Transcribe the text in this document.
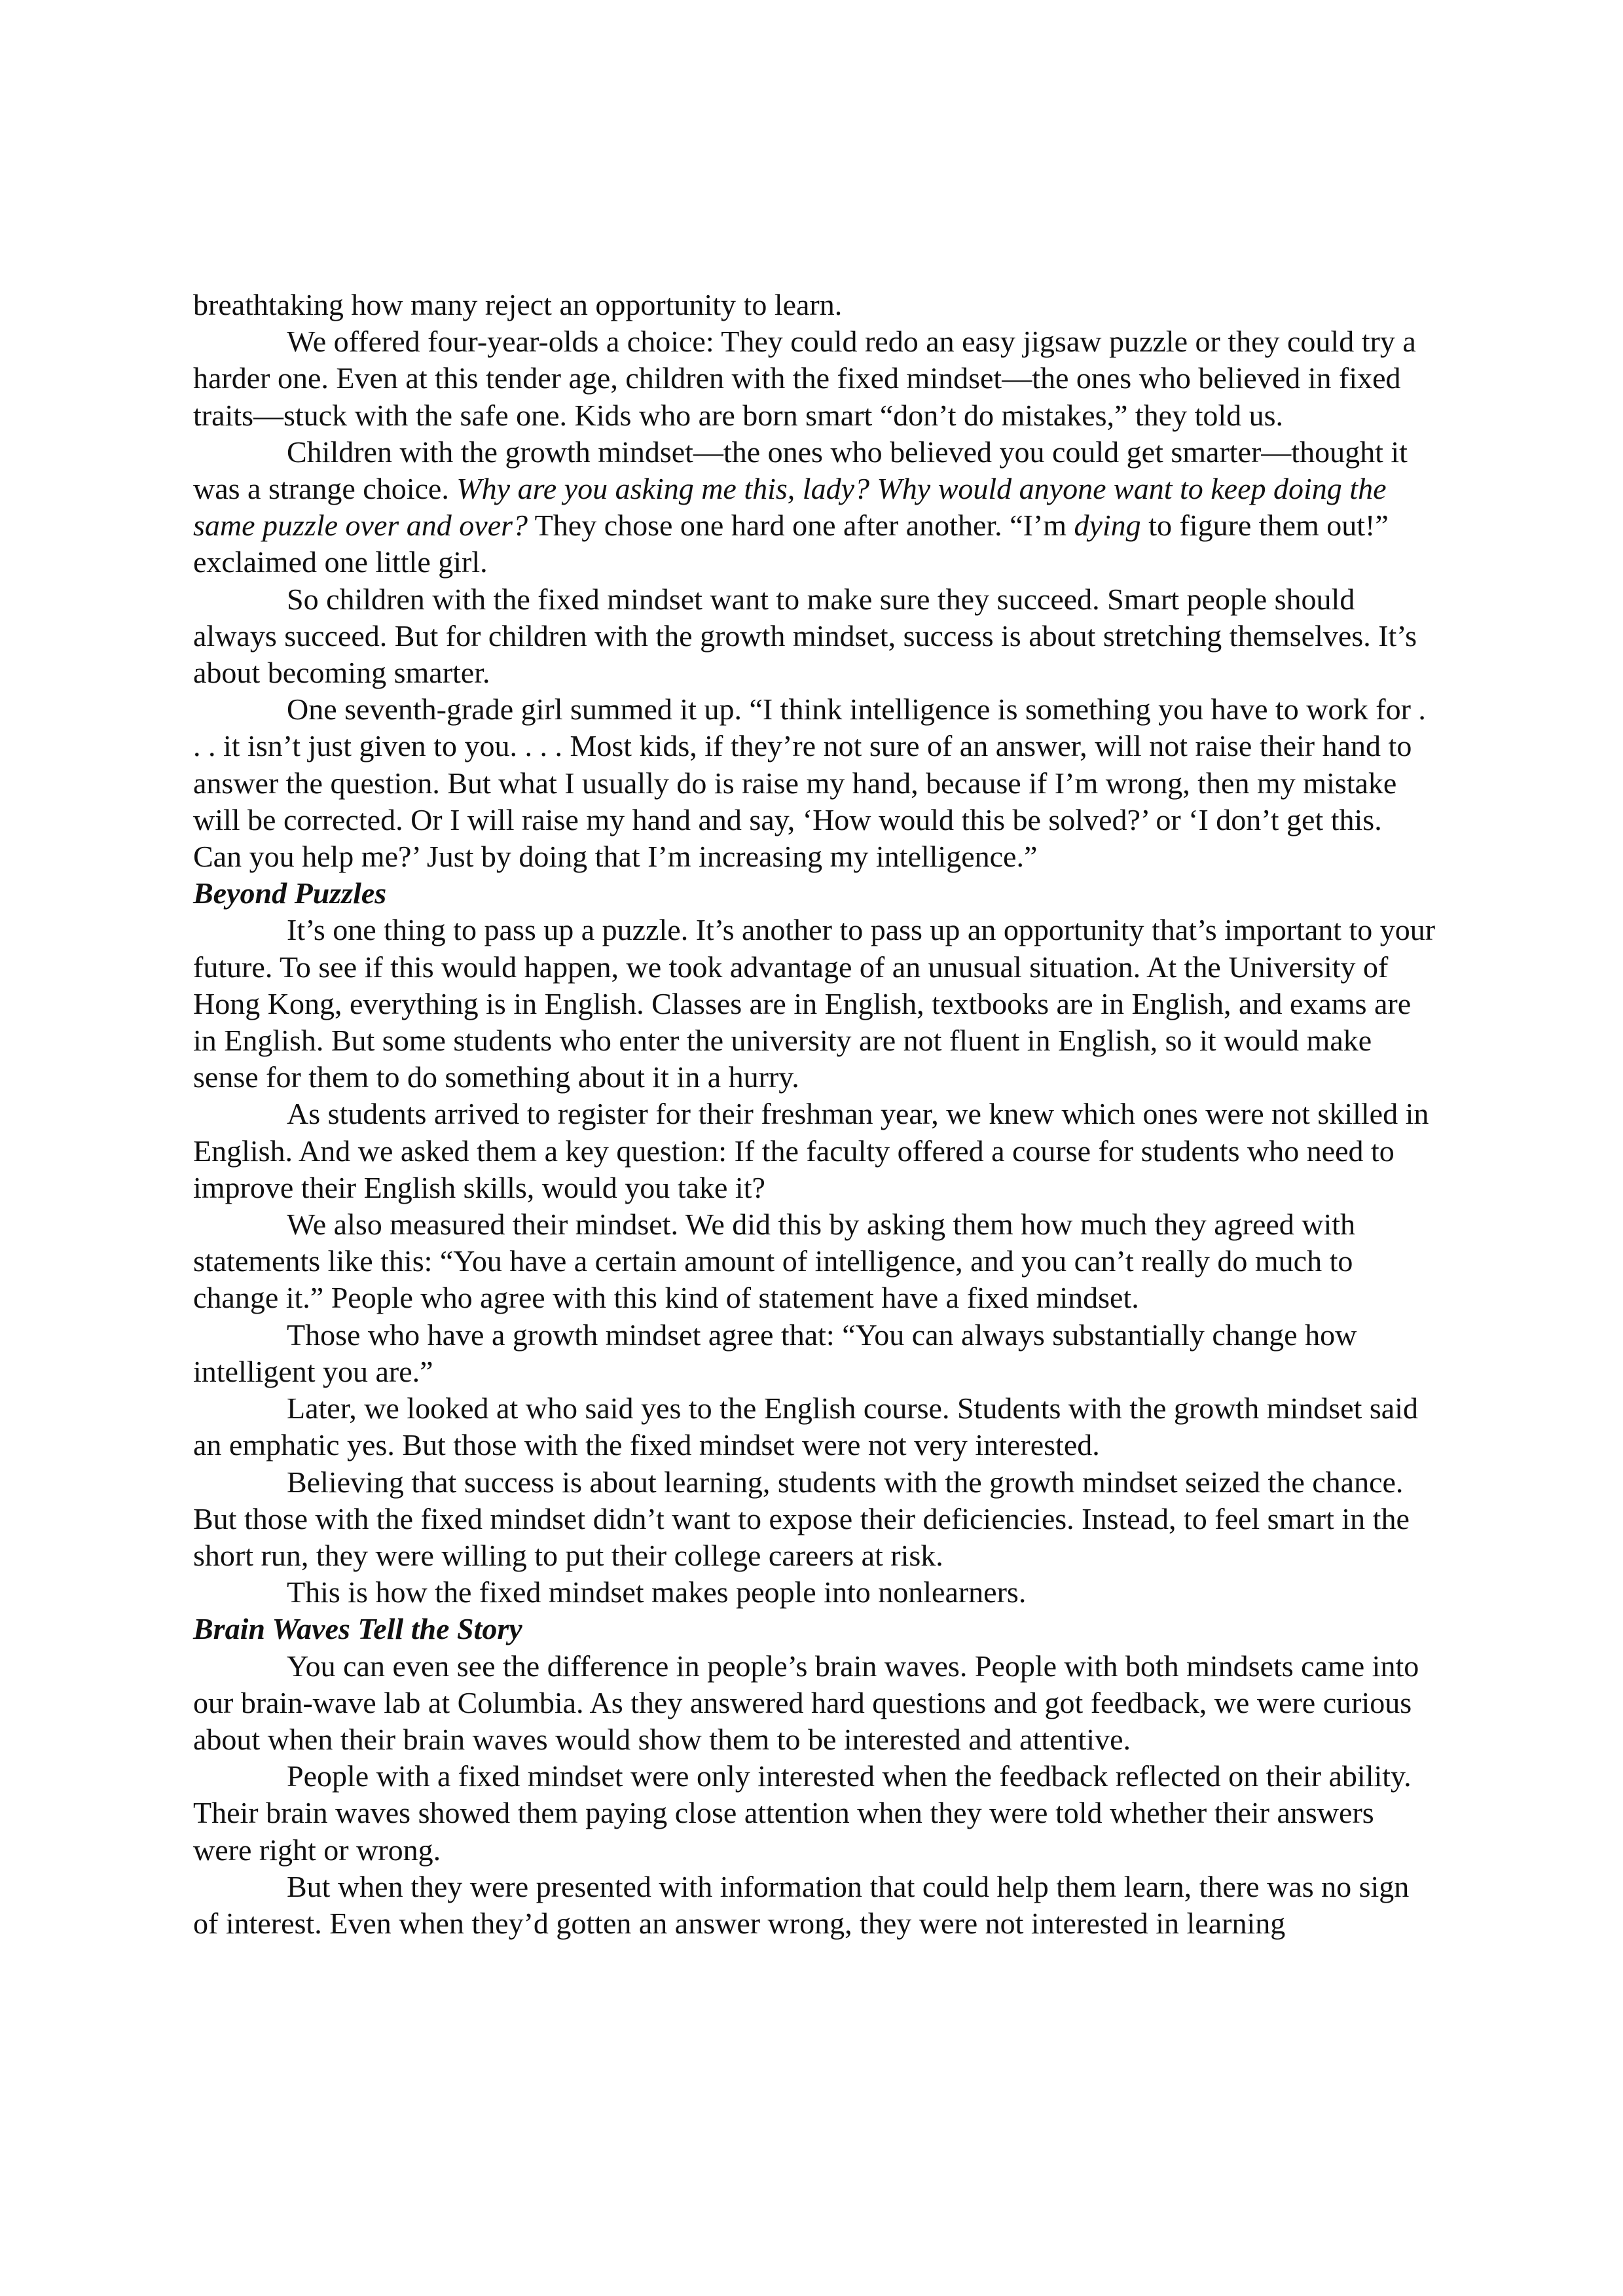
breathtaking how many reject an opportunity to learn.

We offered four-year-olds a choice: They could redo an easy jigsaw puzzle or they could try a harder one. Even at this tender age, children with the fixed mindset—the ones who believed in fixed traits—stuck with the safe one. Kids who are born smart “don’t do mistakes,” they told us.

Children with the growth mindset—the ones who believed you could get smarter—thought it was a strange choice. Why are you asking me this, lady? Why would anyone want to keep doing the same puzzle over and over? They chose one hard one after another. “I’m dying to figure them out!” exclaimed one little girl.

So children with the fixed mindset want to make sure they succeed. Smart people should always succeed. But for children with the growth mindset, success is about stretching themselves. It’s about becoming smarter.

One seventh-grade girl summed it up. “I think intelligence is something you have to work for . . . it isn’t just given to you. . . . Most kids, if they’re not sure of an answer, will not raise their hand to answer the question. But what I usually do is raise my hand, because if I’m wrong, then my mistake will be corrected. Or I will raise my hand and say, ‘How would this be solved?’ or ‘I don’t get this. Can you help me?’ Just by doing that I’m increasing my intelligence.”

Beyond Puzzles

It’s one thing to pass up a puzzle. It’s another to pass up an opportunity that’s important to your future. To see if this would happen, we took advantage of an unusual situation. At the University of Hong Kong, everything is in English. Classes are in English, textbooks are in English, and exams are in English. But some students who enter the university are not fluent in English, so it would make sense for them to do something about it in a hurry.

As students arrived to register for their freshman year, we knew which ones were not skilled in English. And we asked them a key question: If the faculty offered a course for students who need to improve their English skills, would you take it?

We also measured their mindset. We did this by asking them how much they agreed with statements like this: “You have a certain amount of intelligence, and you can’t really do much to change it.” People who agree with this kind of statement have a fixed mindset.

Those who have a growth mindset agree that: “You can always substantially change how intelligent you are.”

Later, we looked at who said yes to the English course. Students with the growth mindset said an emphatic yes. But those with the fixed mindset were not very interested.

Believing that success is about learning, students with the growth mindset seized the chance. But those with the fixed mindset didn’t want to expose their deficiencies. Instead, to feel smart in the short run, they were willing to put their college careers at risk.

This is how the fixed mindset makes people into nonlearners.

Brain Waves Tell the Story

You can even see the difference in people’s brain waves. People with both mindsets came into our brain-wave lab at Columbia. As they answered hard questions and got feedback, we were curious about when their brain waves would show them to be interested and attentive.

People with a fixed mindset were only interested when the feedback reflected on their ability. Their brain waves showed them paying close attention when they were told whether their answers were right or wrong.

But when they were presented with information that could help them learn, there was no sign of interest. Even when they’d gotten an answer wrong, they were not interested in learning
